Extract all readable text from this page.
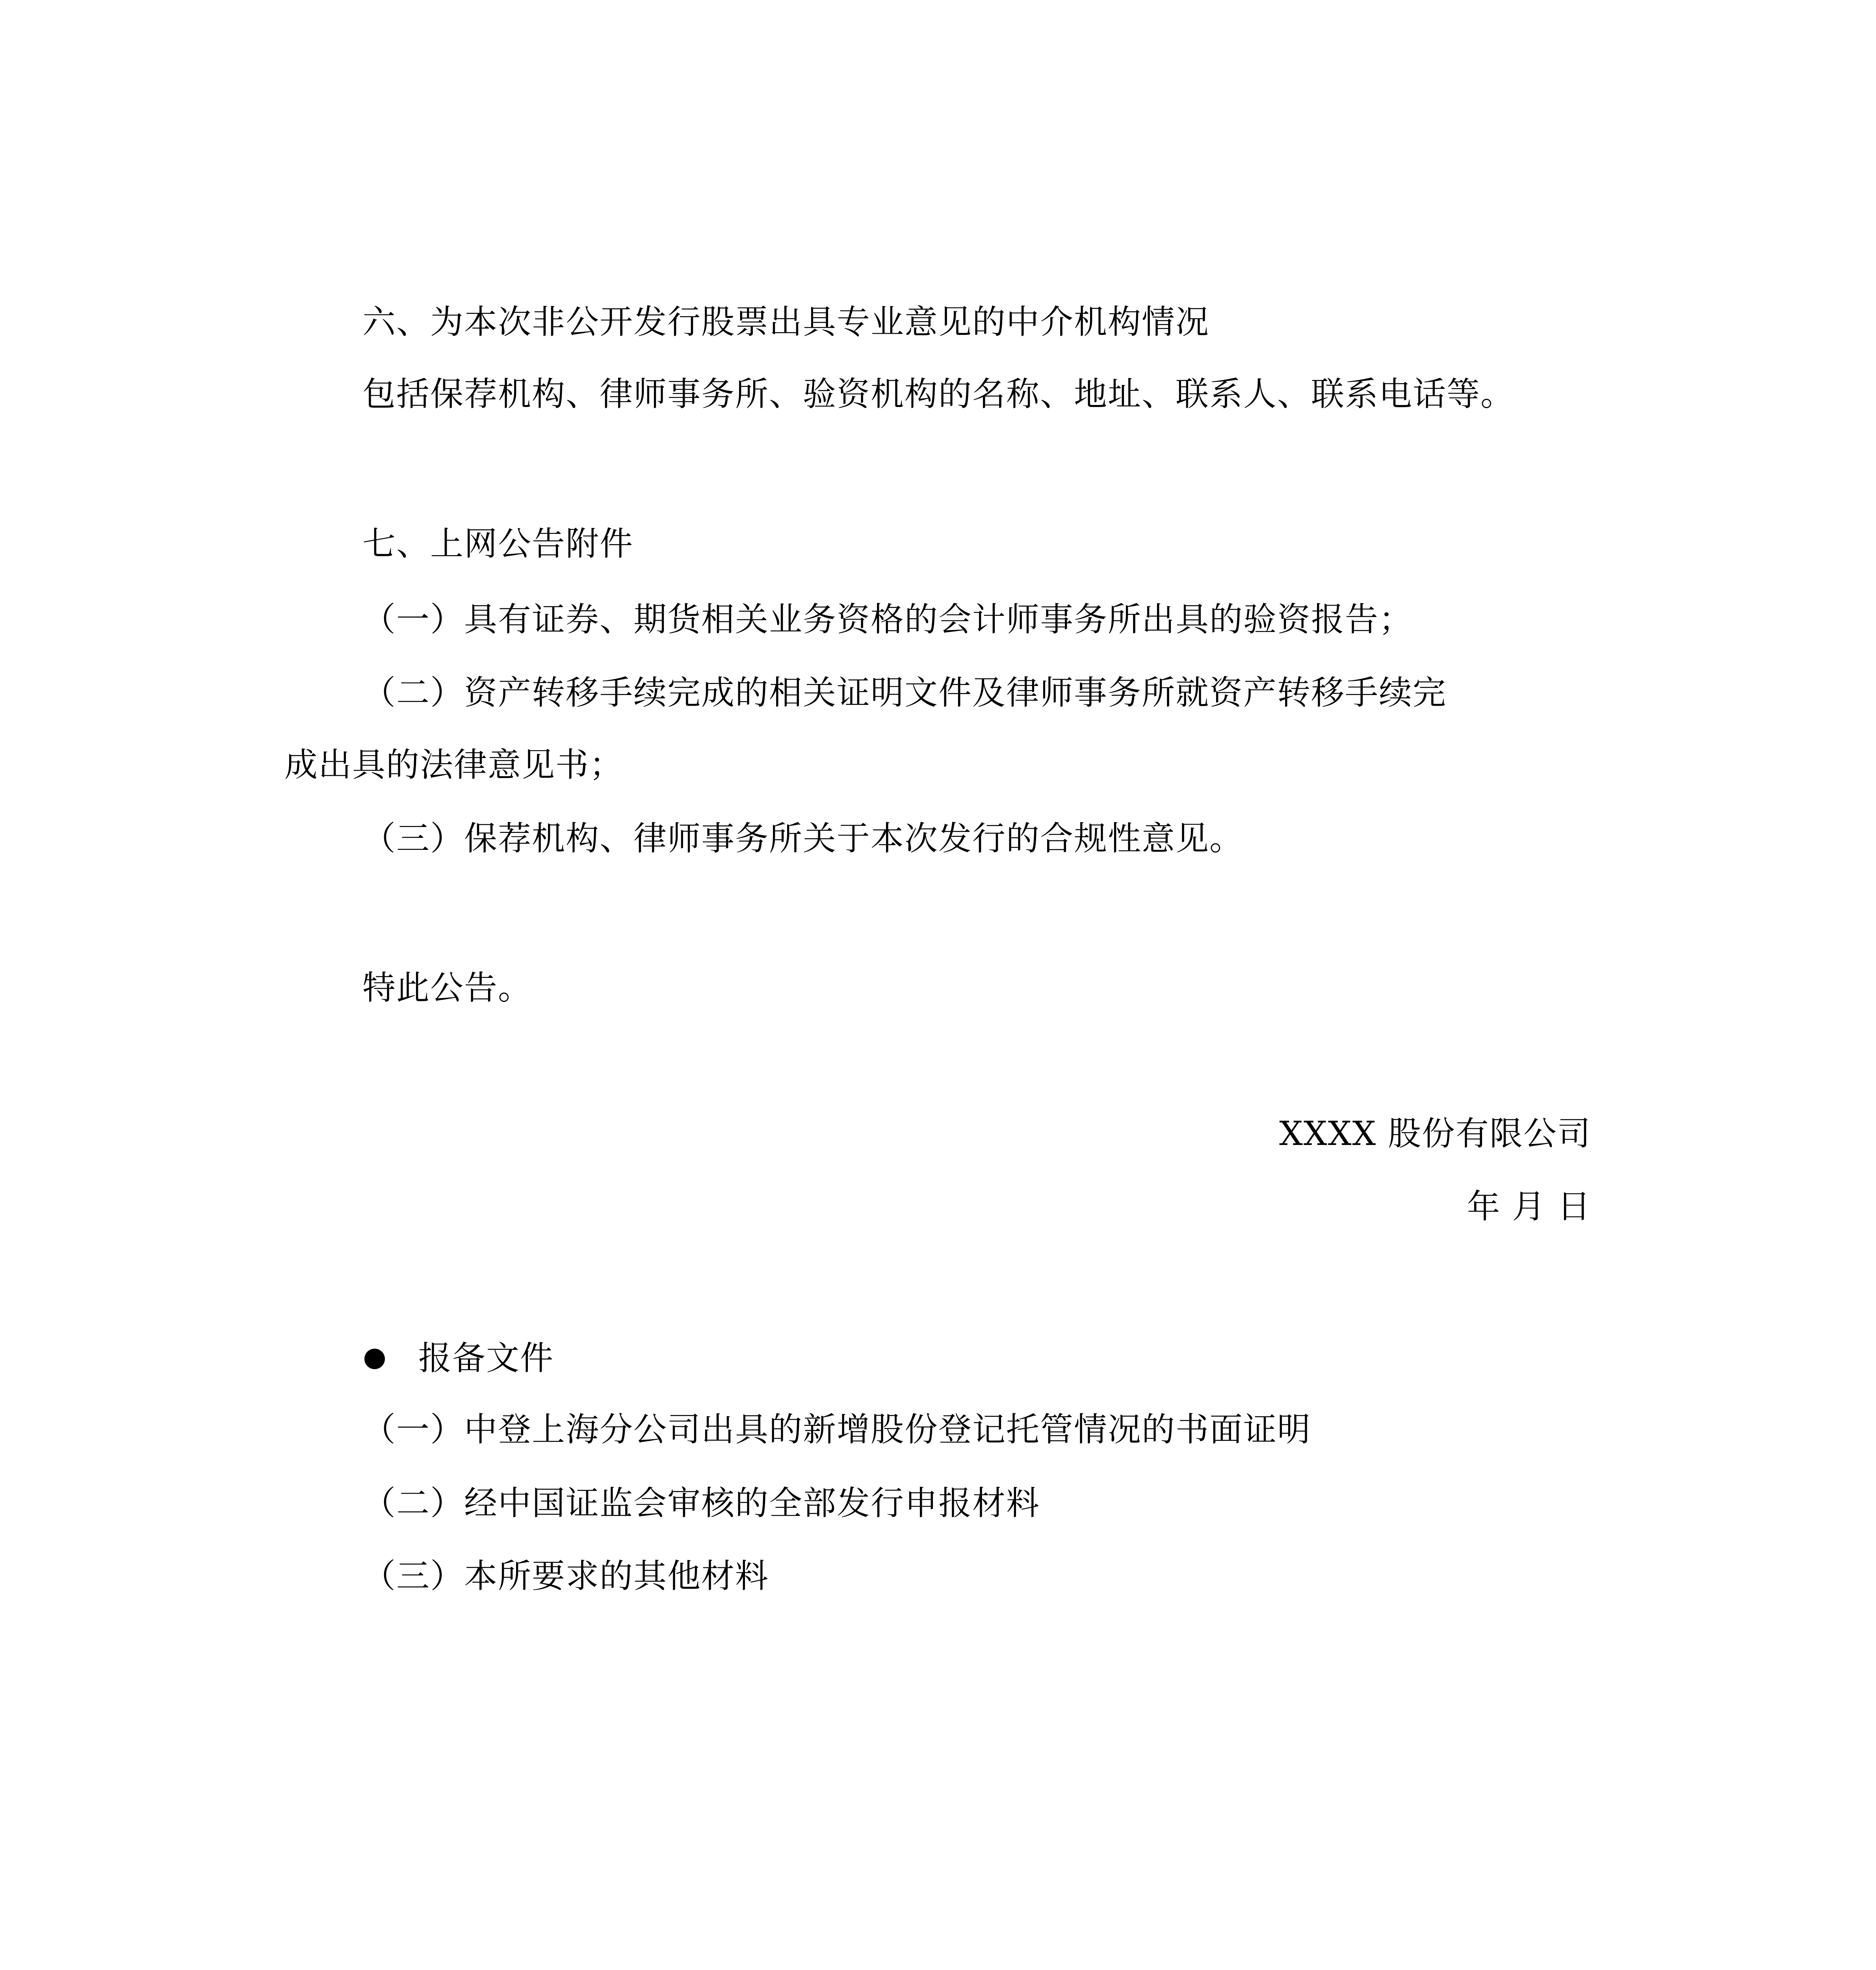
六、为本次非公开发行股票出具专业意见的中介机构情况
包括保荐机构、律师事务所、验资机构的名称、地址、联系人、联系电话等。
七、上网公告附件
（一）具有证券、期货相关业务资格的会计师事务所出具的验资报告；
（二）资产转移手续完成的相关证明文件及律师事务所就资产转移手续完
成出具的法律意见书；
（三）保荐机构、律师事务所关于本次发行的合规性意见。
特此公告。
XXXX 股份有限公司
年 月 日
报备文件
（一）中登上海分公司出具的新增股份登记托管情况的书面证明
（二）经中国证监会审核的全部发行申报材料
（三）本所要求的其他材料
